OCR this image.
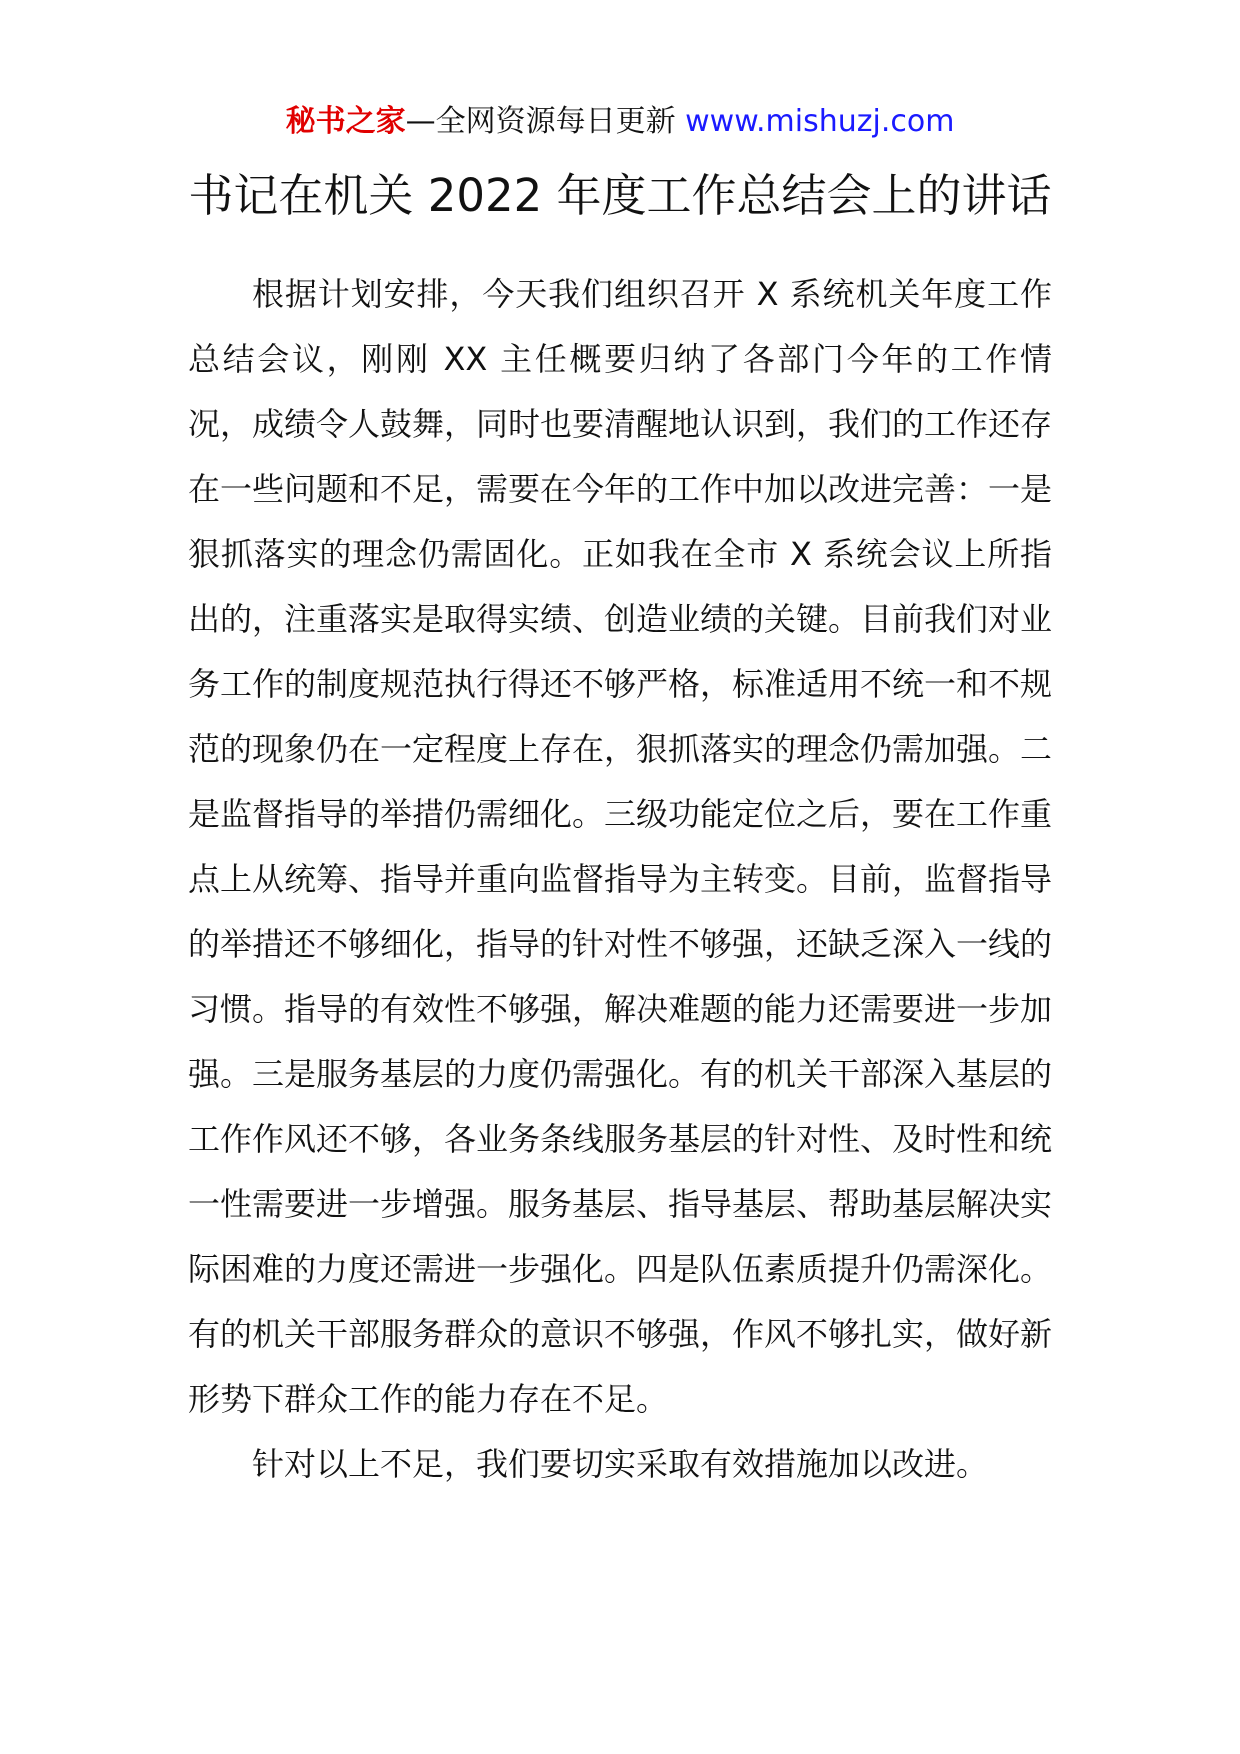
秘书之家—全网资源每日更新 www.mishuzj.com
书记在机关 2022 年度工作总结会上的讲话

根据计划安排，今天我们组织召开 X 系统机关年度工作总结会议，刚刚 XX 主任概要归纳了各部门今年的工作情况，成绩令人鼓舞，同时也要清醒地认识到，我们的工作还存在一些问题和不足，需要在今年的工作中加以改进完善：一是狠抓落实的理念仍需固化。正如我在全市 X 系统会议上所指出的，注重落实是取得实绩、创造业绩的关键。目前我们对业务工作的制度规范执行得还不够严格，标准适用不统一和不规范的现象仍在一定程度上存在，狠抓落实的理念仍需加强。二是监督指导的举措仍需细化。三级功能定位之后，要在工作重点上从统筹、指导并重向监督指导为主转变。目前，监督指导的举措还不够细化，指导的针对性不够强，还缺乏深入一线的习惯。指导的有效性不够强，解决难题的能力还需要进一步加强。三是服务基层的力度仍需强化。有的机关干部深入基层的工作作风还不够，各业务条线服务基层的针对性、及时性和统一性需要进一步增强。服务基层、指导基层、帮助基层解决实际困难的力度还需进一步强化。四是队伍素质提升仍需深化。有的机关干部服务群众的意识不够强，作风不够扎实，做好新形势下群众工作的能力存在不足。

针对以上不足，我们要切实采取有效措施加以改进。
